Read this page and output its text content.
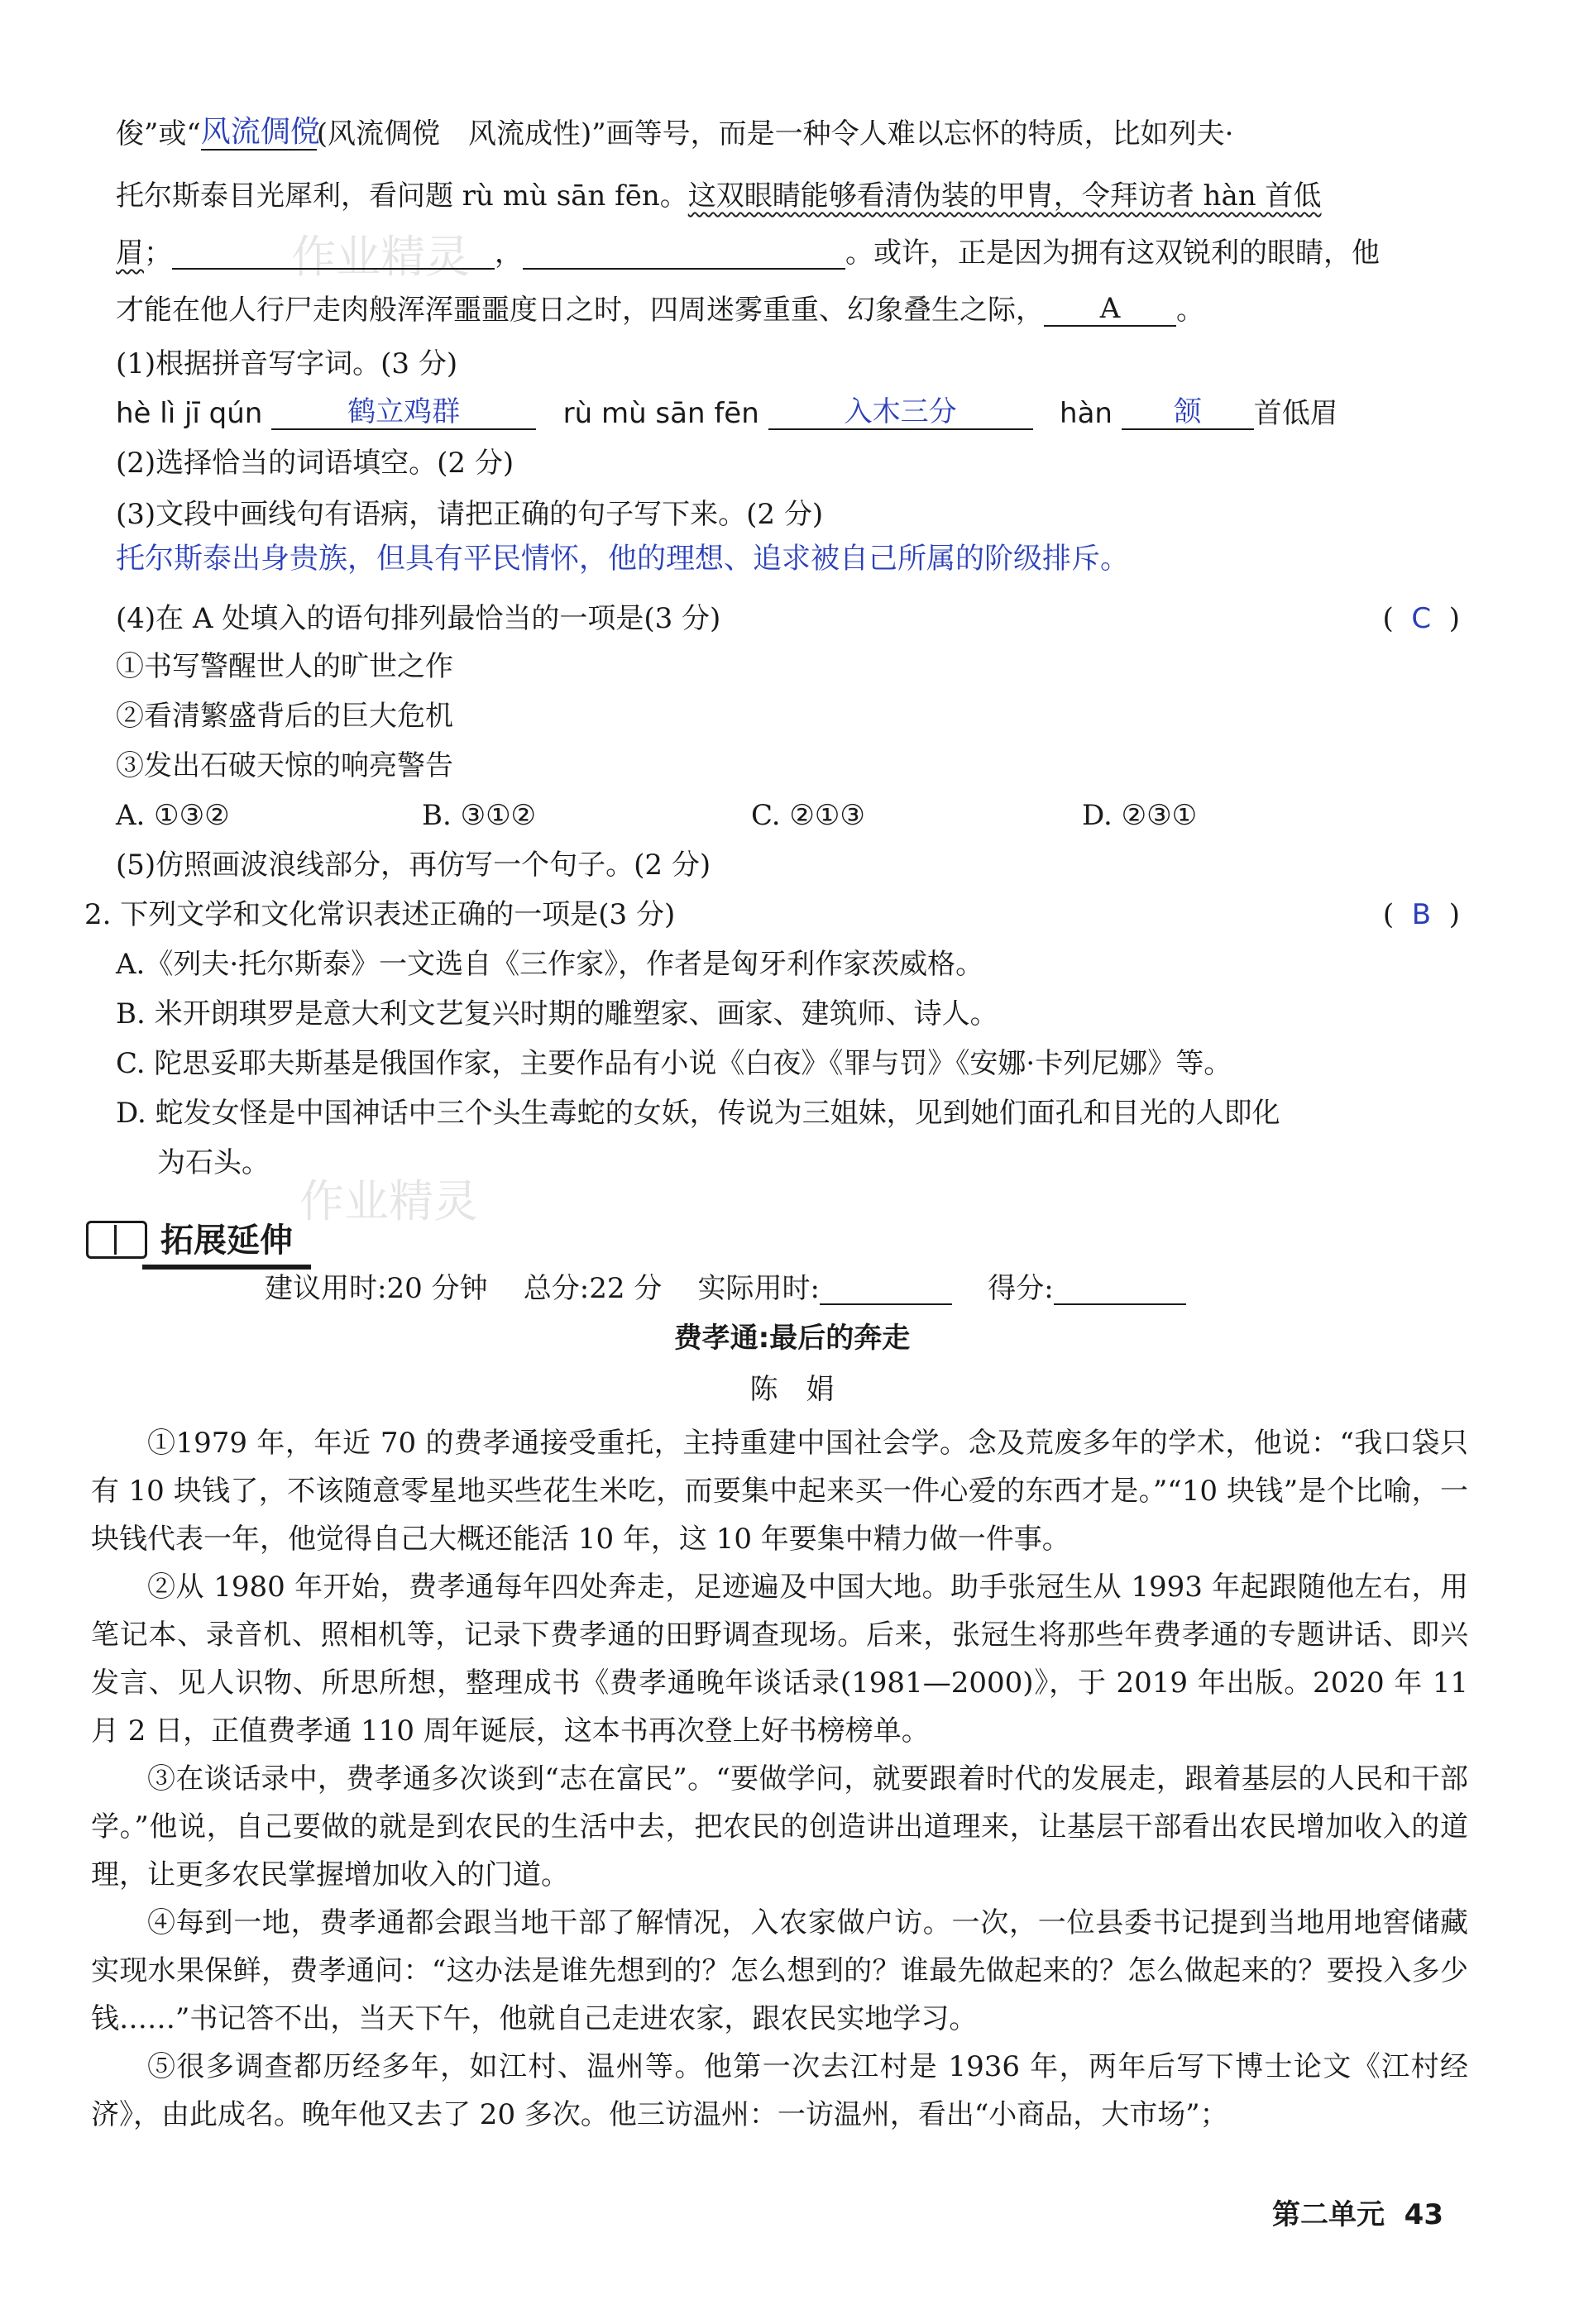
作业精灵
作业精灵
俊”或“风流倜傥(风流倜傥　风流成性)”画等号，而是一种令人难以忘怀的特质，比如列夫·
托尔斯泰目光犀利，看问题 rù mù sān fēn。这双眼睛能够看清伪装的甲胄，令拜访者 hàn 首低
眉；	，	。或许，正是因为拥有这双锐利的眼睛，他
才能在他人行尸走肉般浑浑噩噩度日之时，四周迷雾重重、幻象叠生之际， A 。
(1)根据拼音写字词。(3 分)
hè lì jī qún	鹤立鸡群	rù mù sān fēn	入木三分	hàn 颔 首低眉
(2)选择恰当的词语填空。(2 分)
(3)文段中画线句有语病，请把正确的句子写下来。(2 分)
托尔斯泰出身贵族，但具有平民情怀，他的理想、追求被自己所属的阶级排斥。
(4)在 A 处填入的语句排列最恰当的一项是(3 分)	( C )
①书写警醒世人的旷世之作
②看清繁盛背后的巨大危机
③发出石破天惊的响亮警告
A. ①③②	B. ③①②	C. ②①③	D. ②③①
(5)仿照画波浪线部分，再仿写一个句子。(2 分)
2. 下列文学和文化常识表述正确的一项是(3 分)	( B )
A.《列夫·托尔斯泰》一文选自《三作家》，作者是匈牙利作家茨威格。
B. 米开朗琪罗是意大利文艺复兴时期的雕塑家、画家、建筑师、诗人。
C. 陀思妥耶夫斯基是俄国作家，主要作品有小说《白夜》《罪与罚》《安娜·卡列尼娜》等。
D. 蛇发女怪是中国神话中三个头生毒蛇的女妖，传说为三姐妹，见到她们面孔和目光的人即化
为石头。
拓展延伸
建议用时:20 分钟 总分:22 分 实际用时:	得分:
费孝通:最后的奔走
陈　娟

①1979 年，年近 70 的费孝通接受重托，主持重建中国社会学。念及荒废多年的学术，他说：“我口袋只有 10 块钱了，不该随意零星地买些花生米吃，而要集中起来买一件心爱的东西才是。”“10 块钱”是个比喻，一块钱代表一年，他觉得自己大概还能活 10 年，这 10 年要集中精力做一件事。

②从 1980 年开始，费孝通每年四处奔走，足迹遍及中国大地。助手张冠生从 1993 年起跟随他左右，用笔记本、录音机、照相机等，记录下费孝通的田野调查现场。后来，张冠生将那些年费孝通的专题讲话、即兴发言、见人识物、所思所想，整理成书《费孝通晚年谈话录(1981—2000)》，于 2019 年出版。2020 年 11 月 2 日，正值费孝通 110 周年诞辰，这本书再次登上好书榜榜单。

③在谈话录中，费孝通多次谈到“志在富民”。“要做学问，就要跟着时代的发展走，跟着基层的人民和干部学。”他说，自己要做的就是到农民的生活中去，把农民的创造讲出道理来，让基层干部看出农民增加收入的道理，让更多农民掌握增加收入的门道。

④每到一地，费孝通都会跟当地干部了解情况，入农家做户访。一次，一位县委书记提到当地用地窖储藏实现水果保鲜，费孝通问：“这办法是谁先想到的？怎么想到的？谁最先做起来的？怎么做起来的？要投入多少钱……”书记答不出，当天下午，他就自己走进农家，跟农民实地学习。

⑤很多调查都历经多年，如江村、温州等。他第一次去江村是 1936 年，两年后写下博士论文《江村经济》，由此成名。晚年他又去了 20 多次。他三访温州：一访温州，看出“小商品，大市场”；

第二单元 43
